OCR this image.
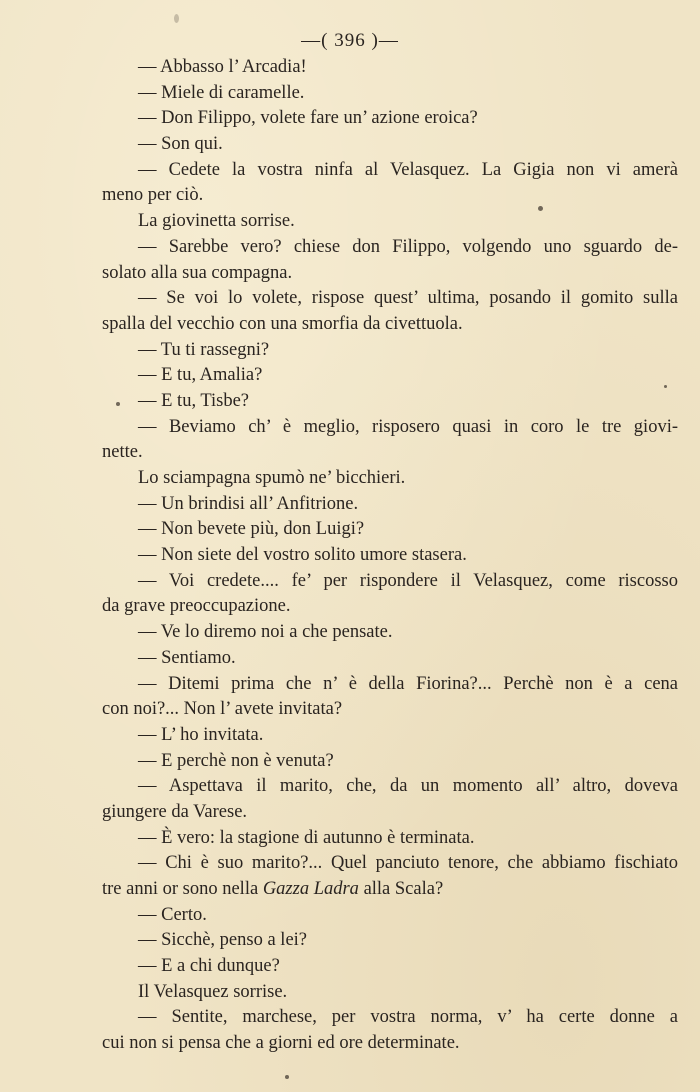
—( 396 )—
— Abbasso l’ Arcadia!
— Miele di caramelle.
— Don Filippo, volete fare un’ azione eroica?
— Son qui.
— Cedete la vostra ninfa al Velasquez. La Gigia non vi amerà
meno per ciò.
La giovinetta sorrise.
— Sarebbe vero? chiese don Filippo, volgendo uno sguardo de-
solato alla sua compagna.
— Se voi lo volete, rispose quest’ ultima, posando il gomito sulla
spalla del vecchio con una smorfia da civettuola.
— Tu ti rassegni?
— E tu, Amalia?
— E tu, Tisbe?
— Beviamo ch’ è meglio, risposero quasi in coro le tre giovi-
nette.
Lo sciampagna spumò ne’ bicchieri.
— Un brindisi all’ Anfitrione.
— Non bevete più, don Luigi?
— Non siete del vostro solito umore stasera.
— Voi credete.... fe’ per rispondere il Velasquez, come riscosso
da grave preoccupazione.
— Ve lo diremo noi a che pensate.
— Sentiamo.
— Ditemi prima che n’ è della Fiorina?... Perchè non è a cena
con noi?... Non l’ avete invitata?
— L’ ho invitata.
— E perchè non è venuta?
— Aspettava il marito, che, da un momento all’ altro, doveva
giungere da Varese.
— È vero: la stagione di autunno è terminata.
— Chi è suo marito?... Quel panciuto tenore, che abbiamo fischiato
tre anni or sono nella Gazza Ladra alla Scala?
— Certo.
— Sicchè, penso a lei?
— E a chi dunque?
Il Velasquez sorrise.
— Sentite, marchese, per vostra norma, v’ ha certe donne a
cui non si pensa che a giorni ed ore determinate.
